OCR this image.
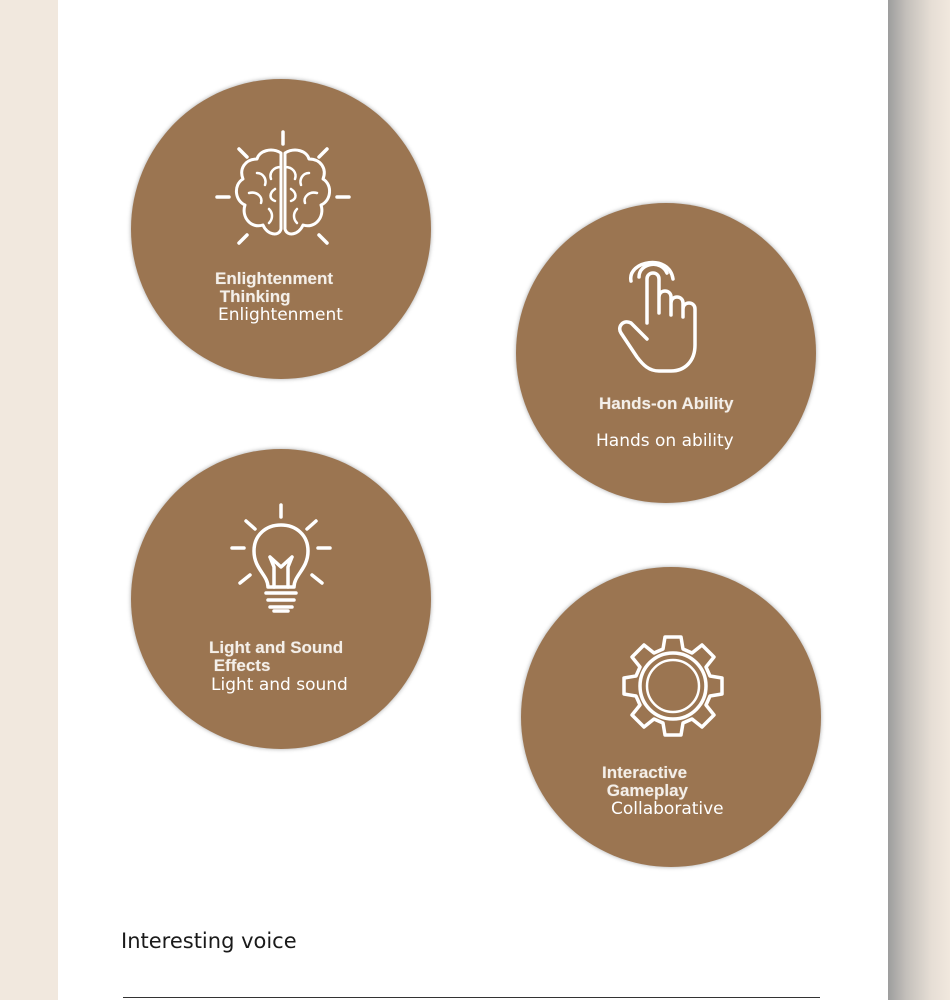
Enlightenment
Thinking
Enlightenment
Hands-on Ability
Hands on ability
Light and Sound
Effects
Light and sound
Interactive
Gameplay
Collaborative
Interesting voice
